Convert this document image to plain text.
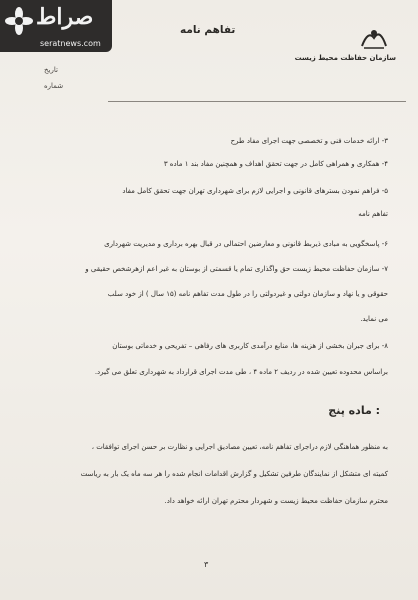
صراط
seratnews.com
تفاهم نامه
سازمان حفاظت محیط زیست
تاریخ
شماره
۳- ارائه خدمات فنی و تخصصی جهت اجرای مفاد طرح
۴- همکاری و همراهی کامل در جهت تحقق اهداف و همچنین مفاد بند ۱ ماده ۳
۵- فراهم نمودن بسترهای قانونی و اجرایی لازم برای شهرداری تهران جهت تحقق کامل مفاد
تفاهم نامه
۶- پاسخگویی به مبادی ذیربط قانونی و معارضین احتمالی در قبال بهره برداری و مدیریت شهرداری
۷- سازمان حفاظت محیط زیست حق واگذاری تمام یا قسمتی از بوستان به غیر اعم ازهرشخص حقیقی و
حقوقی و یا نهاد و سازمان دولتی و غیردولتی را در طول مدت تفاهم نامه (۱۵ سال ) از خود سلب
می نماید.
۸- برای جبران بخشی از هزینه ها، منابع درآمدی کاربری های رفاهی – تفریحی و خدماتی بوستان
براساس محدوده تعیین شده در ردیف ۲ ماده ۴ ، طی مدت اجرای قرارداد به شهرداری تعلق می گیرد.
ماده پنج :
به منظور هماهنگی لازم دراجرای تفاهم نامه، تعیین مصادیق اجرایی و نظارت بر حسن اجرای توافقات ،
کمیته ای متشکل از نمایندگان طرفین تشکیل و گزارش اقدامات انجام شده را هر سه ماه یک بار به ریاست
محترم سازمان حفاظت محیط زیست و شهردار محترم تهران ارائه خواهد داد.
۳
